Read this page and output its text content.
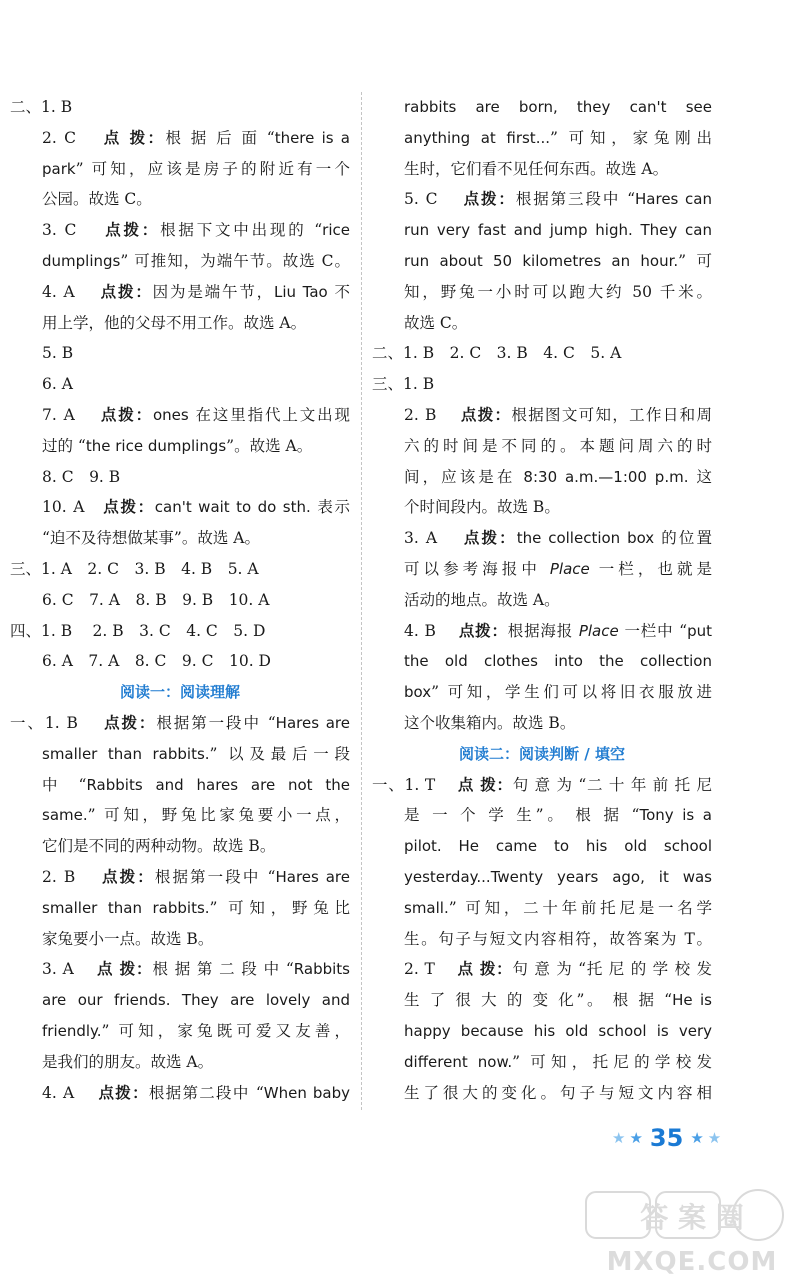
二、1. B
2. C　 点 拨：根 据 后 面 “there is a
park” 可知，应该是房子的附近有一个
公园。故选 C。
3. C　 点拨：根据下文中出现的 “rice
dumplings” 可推知，为端午节。故选 C。
4. A　 点拨：因为是端午节，Liu Tao 不
用上学，他的父母不用工作。故选 A。
5. B
6. A
7. A　 点拨：ones 在这里指代上文出现
过的 “the rice dumplings”。故选 A。
8. C　9. B
10. A　点拨：can't wait to do sth. 表示
“迫不及待想做某事”。故选 A。
三、1. A　2. C　3. B　4. B　5. A
6. C　7. A　8. B　9. B　10. A
四、1. B　 2. B　3. C　4. C　5. D
6. A　7. A　8. C　9. C　10. D
阅读一：阅读理解
一、1. B　 点拨：根据第一段中 “Hares are
smaller than rabbits.” 以及最后一段
中 “Rabbits and hares are not the
same.” 可知，野兔比家兔要小一点，
它们是不同的两种动物。故选 B。
2. B　 点拨：根据第一段中 “Hares are
smaller than rabbits.” 可知，野兔比
家兔要小一点。故选 B。
3. A　 点 拨：根 据 第 二 段 中 “Rabbits
are our friends. They are lovely and
friendly.” 可知，家兔既可爱又友善，
是我们的朋友。故选 A。
4. A　 点拨：根据第二段中 “When baby
rabbits are born, they can't see
anything at first...” 可知，家兔刚出
生时，它们看不见任何东西。故选 A。
5. C　 点拨：根据第三段中 “Hares can
run very fast and jump high. They can
run about 50 kilometres an hour.” 可
知，野兔一小时可以跑大约 50 千米。
故选 C。
二、1. B　2. C　3. B　4. C　5. A
三、1. B
2. B　 点拨：根据图文可知，工作日和周
六的时间是不同的。本题问周六的时
间，应该是在 8:30 a.m.—1:00 p.m. 这
个时间段内。故选 B。
3. A　 点拨：the collection box 的位置
可以参考海报中 Place 一栏，也就是
活动的地点。故选 A。
4. B　 点拨：根据海报 Place 一栏中 “put
the old clothes into the collection
box” 可知，学生们可以将旧衣服放进
这个收集箱内。故选 B。
阅读二：阅读判断 / 填空
一、1. T　 点 拨：句 意 为 “二 十 年 前 托 尼
是 一 个 学 生”。 根 据 “Tony is a
pilot. He came to his old school
yesterday...Twenty years ago, it was
small.” 可知，二十年前托尼是一名学
生。句子与短文内容相符，故答案为 T。
2. T　 点 拨：句 意 为 “托 尼 的 学 校 发
生 了 很 大 的 变 化”。 根 据 “He is
happy because his old school is very
different now.” 可知，托尼的学校发
生了很大的变化。句子与短文内容相
★ ★ 35 ★ ★
答 案 圈
MXQE.COM
